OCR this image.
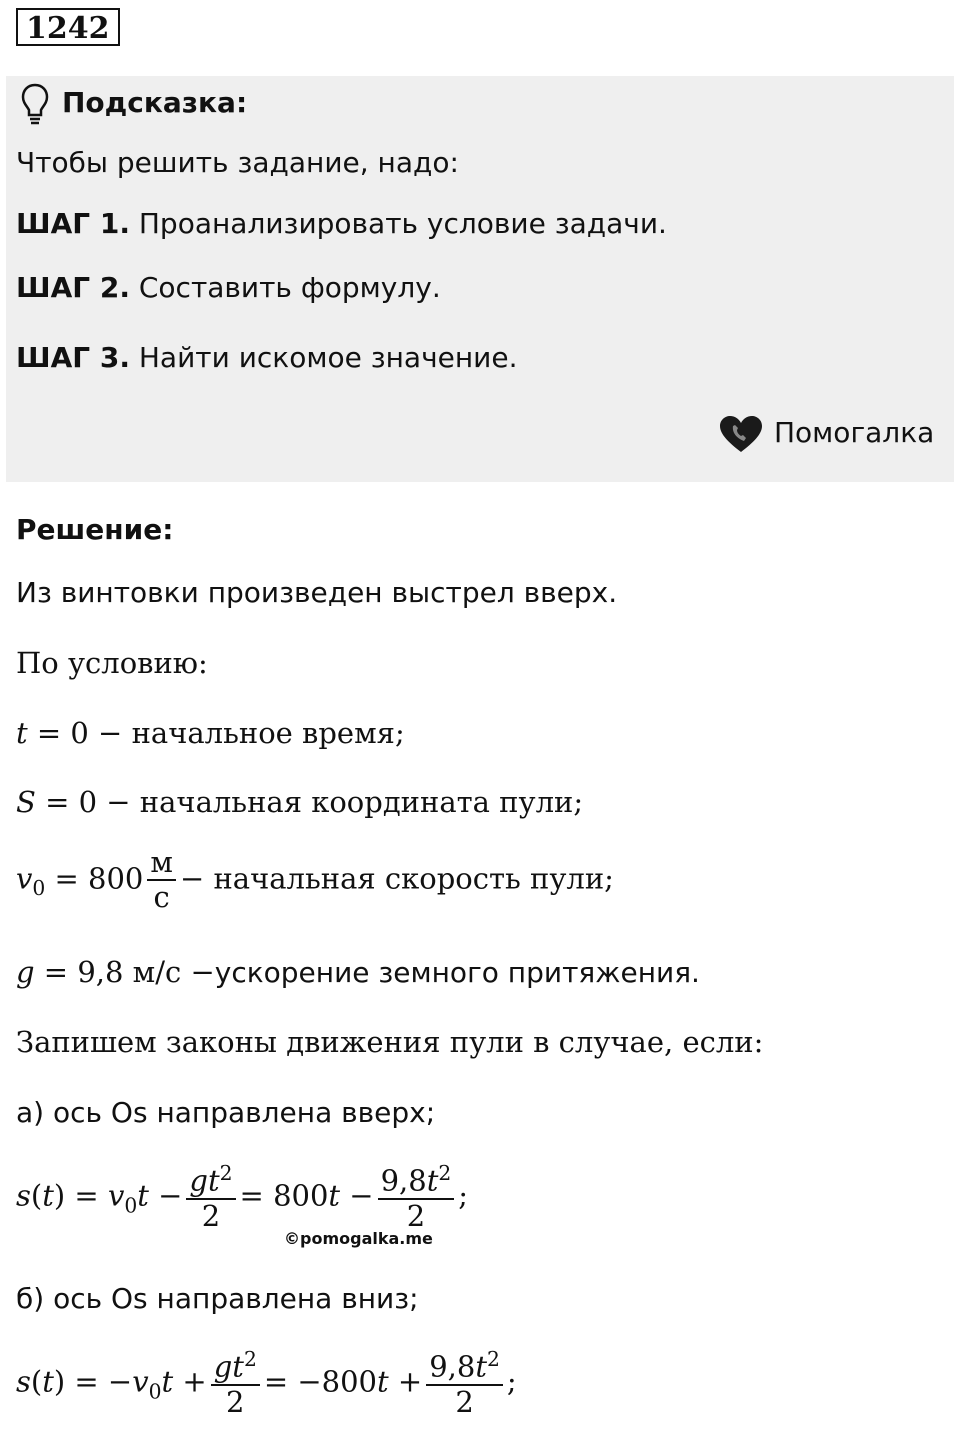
1242
Подсказка:
Чтобы решить задание, надо:
ШАГ 1. Проанализировать условие задачи.
ШАГ 2. Составить формулу.
ШАГ 3. Найти искомое значение.
Помогалка
Решение:
Из винтовки произведен выстрел вверх.
По условию:
t = 0 − начальное время;
S = 0 − начальная координата пули;
$v_0 = 800 \frac{м}{с}$ − начальная скорость пули;
g = 9,8 м/с −ускорение земного притяжения.
Запишем законы движения пули в случае, если:
а) ось Os направлена вверх;
$s(t) = v_0t - \frac{gt^2}{2} = 800t - \frac{9,8t^2}{2}$ ;
©pomogalka.me
б) ось Os направлена вниз;
$s(t) = -v_0t + \frac{gt^2}{2} = -800t + \frac{9,8t^2}{2}$ ;
